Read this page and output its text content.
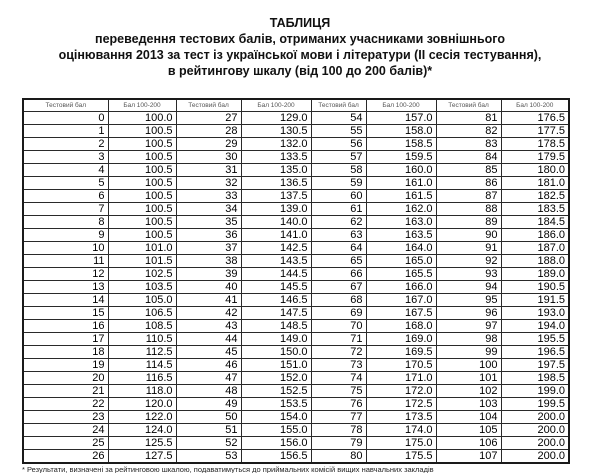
ТАБЛИЦЯ
переведення тестових балів, отриманих учасниками зовнішнього
оцінювання 2013 за тест із української мови і літератури (ІІ сесія тестування),
в рейтингову шкалу (від 100 до 200 балів)*
Тестовий бал	Бал 100-200	Тестовий бал	Бал 100-200	Тестовий бал	Бал 100-200	Тестовий бал	Бал 100-200
0	100.0	27	129.0	54	157.0	81	176.5
1	100.5	28	130.5	55	158.0	82	177.5
2	100.5	29	132.0	56	158.5	83	178.5
3	100.5	30	133.5	57	159.5	84	179.5
4	100.5	31	135.0	58	160.0	85	180.0
5	100.5	32	136.5	59	161.0	86	181.0
6	100.5	33	137.5	60	161.5	87	182.5
7	100.5	34	139.0	61	162.0	88	183.5
8	100.5	35	140.0	62	163.0	89	184.5
9	100.5	36	141.0	63	163.5	90	186.0
10	101.0	37	142.5	64	164.0	91	187.0
11	101.5	38	143.5	65	165.0	92	188.0
12	102.5	39	144.5	66	165.5	93	189.0
13	103.5	40	145.5	67	166.0	94	190.5
14	105.0	41	146.5	68	167.0	95	191.5
15	106.5	42	147.5	69	167.5	96	193.0
16	108.5	43	148.5	70	168.0	97	194.0
17	110.5	44	149.0	71	169.0	98	195.5
18	112.5	45	150.0	72	169.5	99	196.5
19	114.5	46	151.0	73	170.5	100	197.5
20	116.5	47	152.0	74	171.0	101	198.5
21	118.0	48	152.5	75	172.0	102	199.0
22	120.0	49	153.5	76	172.5	103	199.5
23	122.0	50	154.0	77	173.5	104	200.0
24	124.0	51	155.0	78	174.0	105	200.0
25	125.5	52	156.0	79	175.0	106	200.0
26	127.5	53	156.5	80	175.5	107	200.0
* Результати, визначені за рейтинговою шкалою, подаватимуться до приймальних комісій вищих навчальних закладів
